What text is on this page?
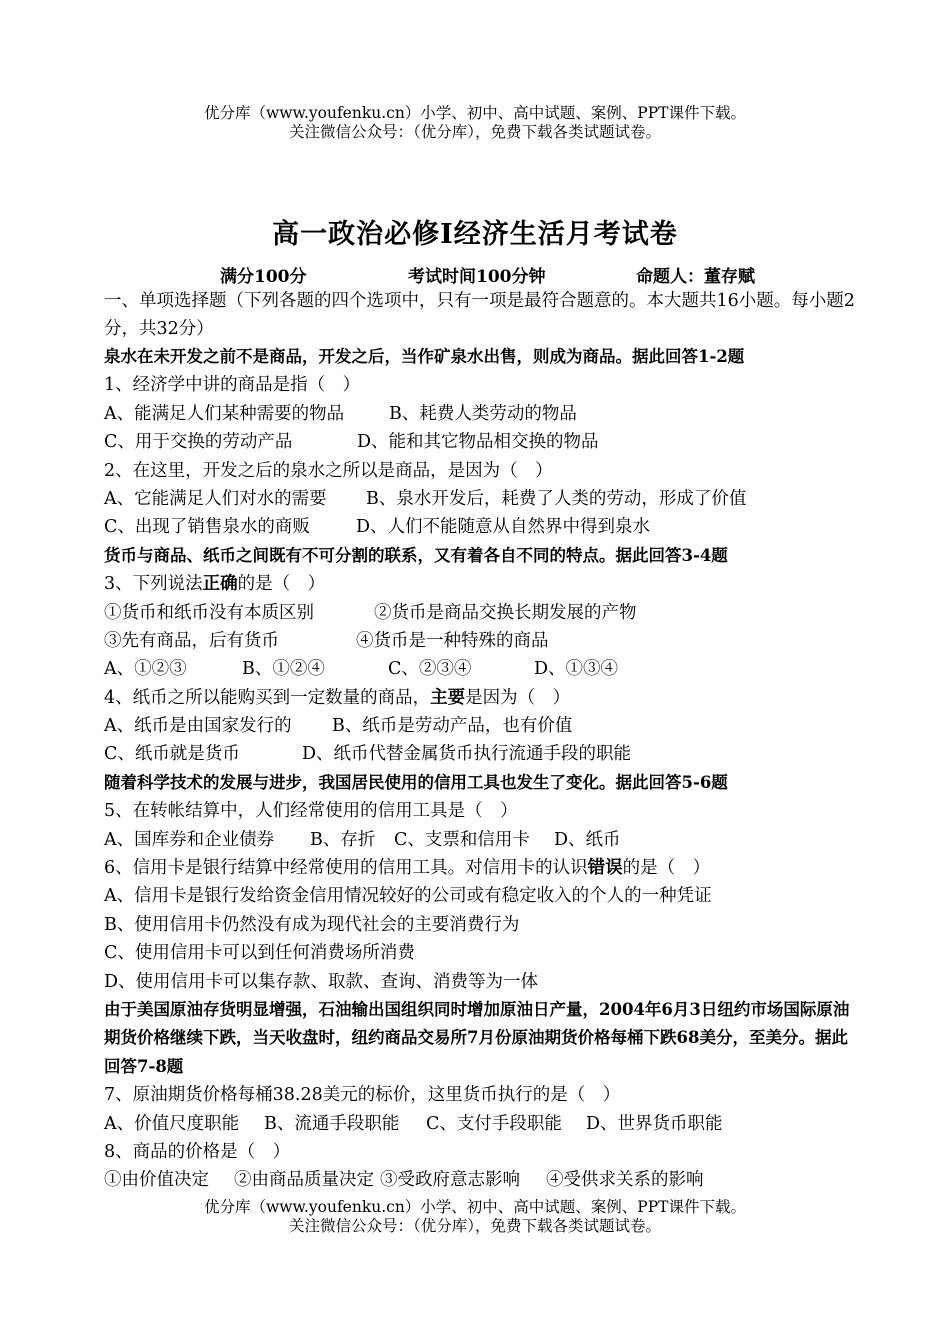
优分库（www.youfenku.cn）小学、初中、高中试题、案例、PPT课件下载。
关注微信公众号：（优分库），免费下载各类试题试卷。
高一政治必修Ⅰ经济生活月考试卷
满分100分	考试时间100分钟	命题人：董存赋
一、单项选择题（下列各题的四个选项中，只有一项是最符合题意的。本大题共16小题。每小题2分，共32分）
泉水在未开发之前不是商品，开发之后，当作矿泉水出售，则成为商品。据此回答1-2题
1、经济学中讲的商品是指（　）
A、能满足人们某种需要的物品	B、耗费人类劳动的物品
C、用于交换的劳动产品	D、能和其它物品相交换的物品
2、在这里，开发之后的泉水之所以是商品，是因为（　）
A、它能满足人们对水的需要 B、泉水开发后，耗费了人类的劳动，形成了价值
C、出现了销售泉水的商贩	D、人们不能随意从自然界中得到泉水
货币与商品、纸币之间既有不可分割的联系，又有着各自不同的特点。据此回答3-4题
3、下列说法正确的是（　）
①货币和纸币没有本质区别	②货币是商品交换长期发展的产物
③先有商品，后有货币	④货币是一种特殊的商品
A、①②③	B、①②④	C、②③④	D、①③④
4、纸币之所以能购买到一定数量的商品，主要是因为（　）
A、纸币是由国家发行的 B、纸币是劳动产品，也有价值
C、纸币就是货币	D、纸币代替金属货币执行流通手段的职能
随着科学技术的发展与进步，我国居民使用的信用工具也发生了变化。据此回答5-6题
5、在转帐结算中，人们经常使用的信用工具是（　）
A、国库券和企业债券 B、存折 C、支票和信用卡 D、纸币
6、信用卡是银行结算中经常使用的信用工具。对信用卡的认识错误的是（　）
A、信用卡是银行发给资金信用情况较好的公司或有稳定收入的个人的一种凭证
B、使用信用卡仍然没有成为现代社会的主要消费行为
C、使用信用卡可以到任何消费场所消费
D、使用信用卡可以集存款、取款、查询、消费等为一体
由于美国原油存货明显增强，石油输出国组织同时增加原油日产量，2004年6月3日纽约市场国际原油期货价格继续下跌，当天收盘时，纽约商品交易所7月份原油期货价格每桶下跌68美分，至美分。据此回答7-8题
7、原油期货价格每桶38.28美元的标价，这里货币执行的是（　）
A、价值尺度职能 B、流通手段职能 C、支付手段职能 D、世界货币职能
8、商品的价格是（　）
①由价值决定 ②由商品质量决定 ③受政府意志影响 ④受供求关系的影响
优分库（www.youfenku.cn）小学、初中、高中试题、案例、PPT课件下载。
关注微信公众号：（优分库），免费下载各类试题试卷。
